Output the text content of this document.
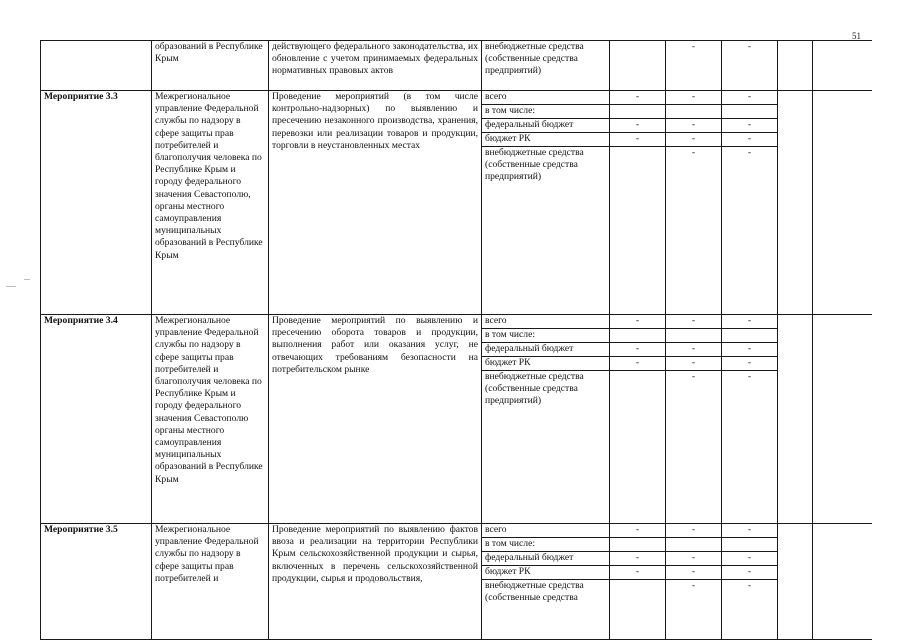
51
	образований в Республике Крым	действующего федерального законодательства, их обновление с учетом принимаемых федеральных нормативных правовых актов	внебюджетные средства (собственные средства предприятий)		-	-		
Мероприятие 3.3	Межрегиональное управление Федеральной службы по надзору в сфере защиты прав потребителей и благополучия человека по Республике Крым и городу федерального значения Севастополю, органы местного самоуправления муниципальных образований в Республике Крым	Проведение мероприятий (в том числе контрольно-надзорных) по выявлению и пресечению незаконного производства, хранения, перевозки или реализации товаров и продукции, торговли в неустановленных местах	всего	-	-	-		
			в том числе:					
			федеральный бюджет	-	-	-		
			бюджет РК	-	-	-		
			внебюджетные средства (собственные средства предприятий)		-	-		
Мероприятие 3.4	Межрегиональное управление Федеральной службы по надзору в сфере защиты прав потребителей и благополучия человека по Республике Крым и городу федерального значения Севастополю органы местного самоуправления муниципальных образований в Республике Крым	Проведение мероприятий по выявлению и пресечению оборота товаров и продукции, выполнения работ или оказания услуг, не отвечающих требованиям безопасности на потребительском рынке	всего	-	-	-		
			в том числе:					
			федеральный бюджет	-	-	-		
			бюджет РК	-	-	-		
			внебюджетные средства (собственные средства предприятий)		-	-		
Мероприятие 3.5	Межрегиональное управление Федеральной службы по надзору в сфере защиты прав потребителей и	Проведение мероприятий по выявлению фактов ввоза и реализации на территории Республики Крым сельскохозяйственной продукции и сырья, включенных в перечень сельскохозяйственной продукции, сырья и продовольствия,	всего	-	-	-		
			в том числе:					
			федеральный бюджет	-	-	-		
			бюджет РК	-	-	-		
			внебюджетные средства (собственные средства		-	-		
